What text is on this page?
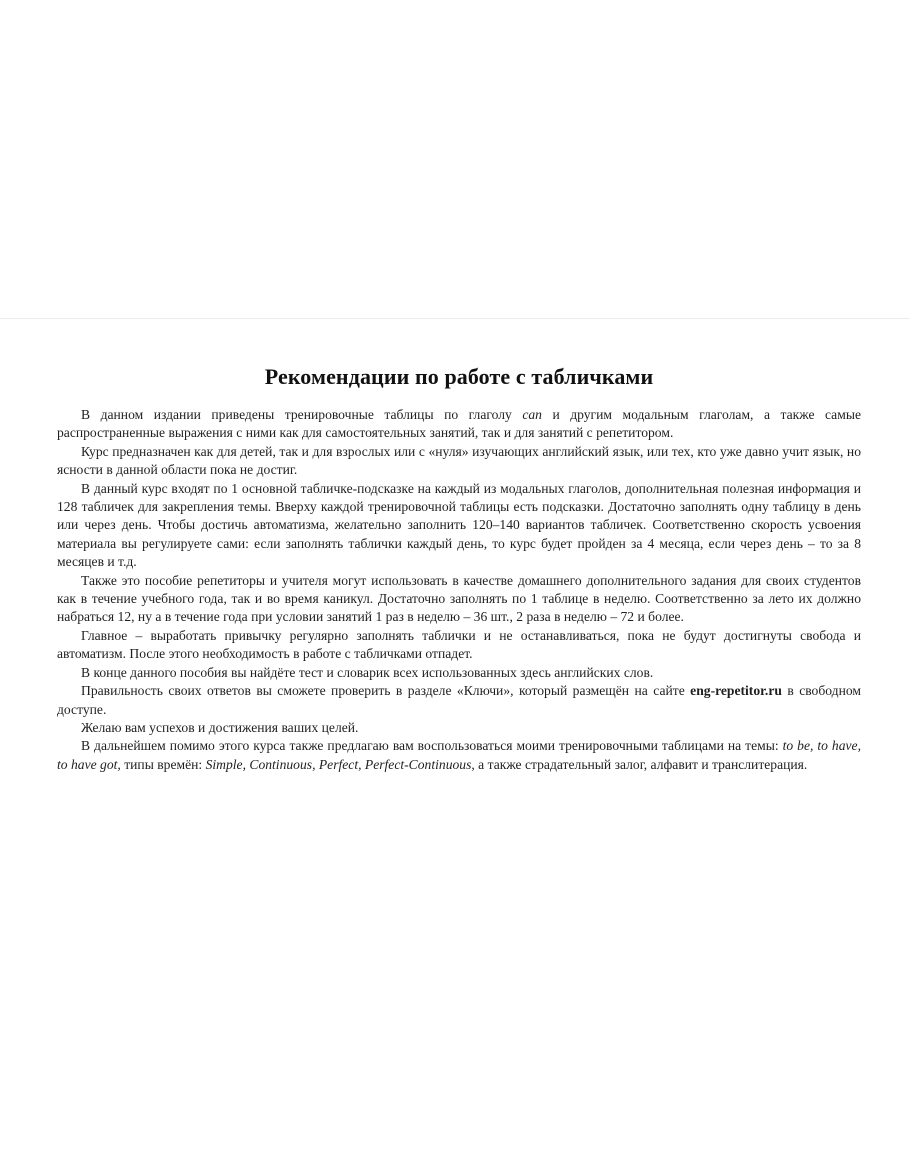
Рекомендации по работе с табличками

В данном издании приведены тренировочные таблицы по глаголу can и другим модальным глаголам, а также самые распространенные выражения с ними как для самостоятельных занятий, так и для занятий с репетитором.

Курс предназначен как для детей, так и для взрослых или с «нуля» изучающих английский язык, или тех, кто уже давно учит язык, но ясности в данной области пока не достиг.

В данный курс входят по 1 основной табличке-подсказке на каждый из модальных глаголов, дополнительная полезная информация и 128 табличек для закрепления темы. Вверху каждой тренировочной таблицы есть подсказки. Достаточно заполнять одну таблицу в день или через день. Чтобы достичь автоматизма, желательно заполнить 120–140 вариантов табличек. Соответственно скорость усвоения материала вы регулируете сами: если заполнять таблички каждый день, то курс будет пройден за 4 месяца, если через день – то за 8 месяцев и т.д.

Также это пособие репетиторы и учителя могут использовать в качестве домашнего дополнительного задания для своих студентов как в течение учебного года, так и во время каникул. Достаточно заполнять по 1 таблице в неделю. Соответственно за лето их должно набраться 12, ну а в течение года при условии занятий 1 раз в неделю – 36 шт., 2 раза в неделю – 72 и более.

Главное – выработать привычку регулярно заполнять таблички и не останавливаться, пока не будут достигнуты свобода и автоматизм. После этого необходимость в работе с табличками отпадет.

В конце данного пособия вы найдёте тест и словарик всех использованных здесь английских слов.

Правильность своих ответов вы сможете проверить в разделе «Ключи», который размещён на сайте eng-repetitor.ru в свободном доступе.

Желаю вам успехов и достижения ваших целей.

В дальнейшем помимо этого курса также предлагаю вам воспользоваться моими тренировочными таблицами на темы: to be, to have, to have got, типы времён: Simple, Continuous, Perfect, Perfect-Continuous, а также страдательный залог, алфавит и транслитерация.
